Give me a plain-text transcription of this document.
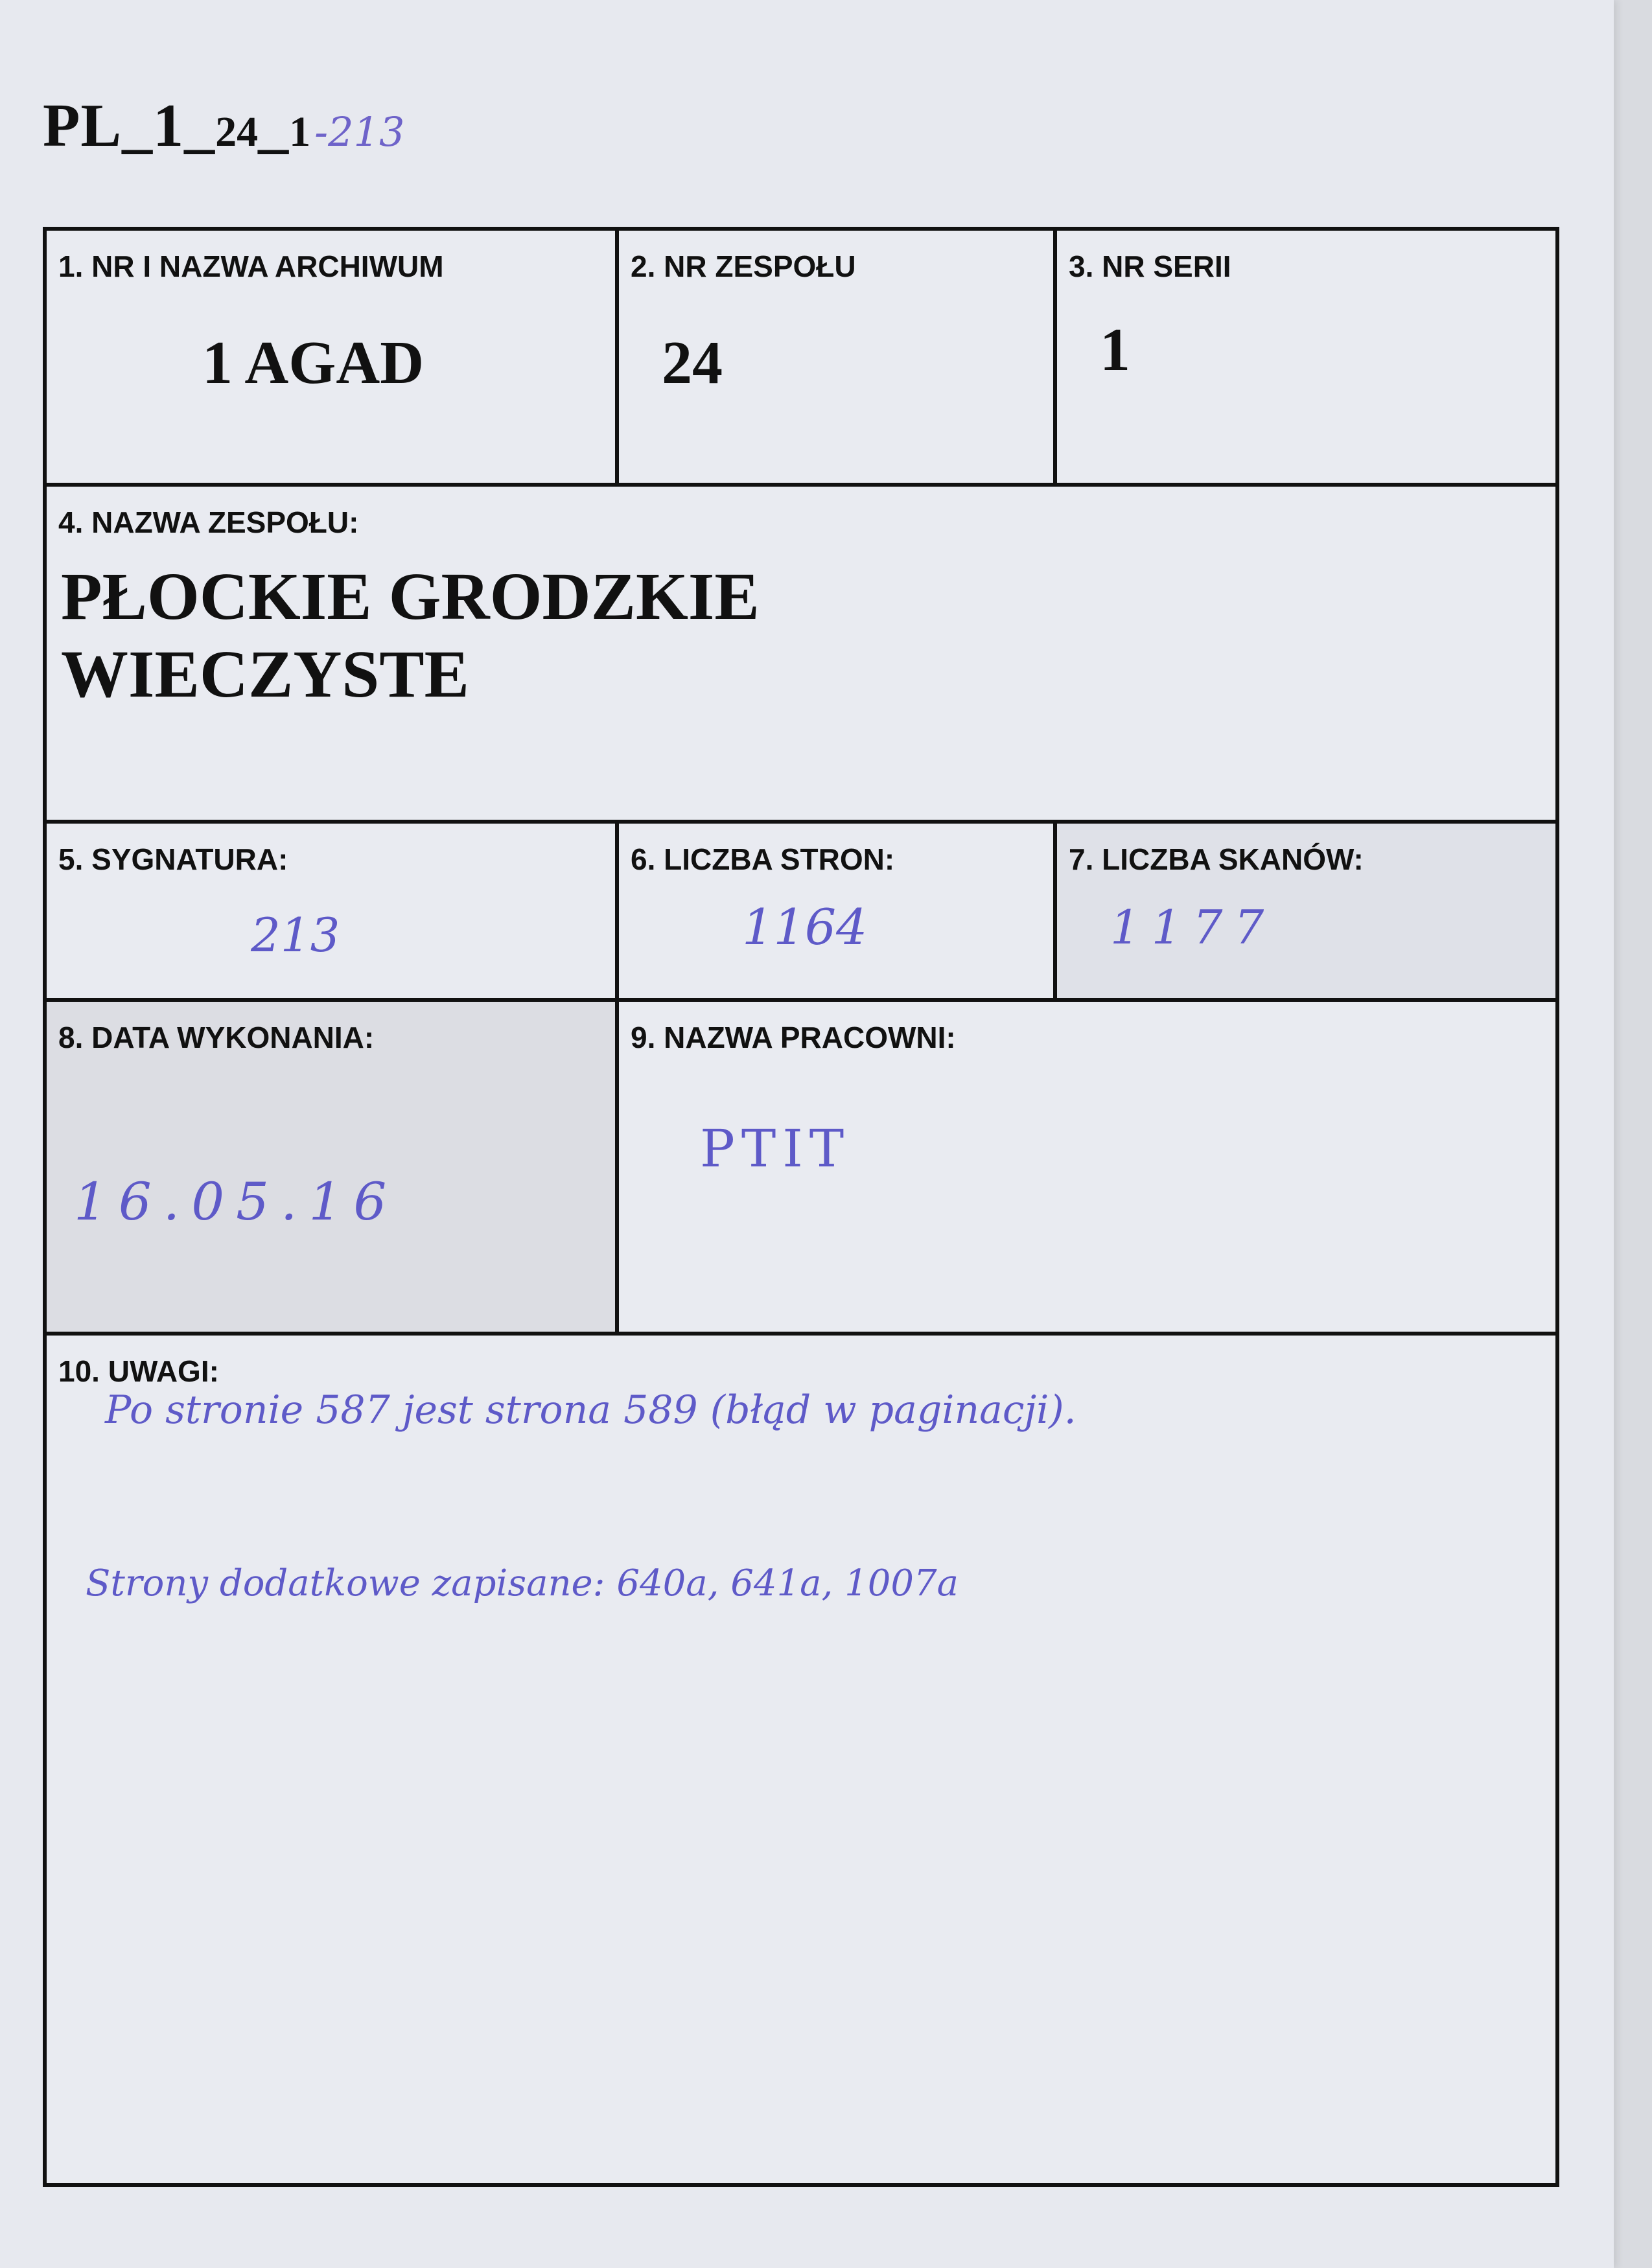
PL_1_24_1-213
1. NR I NAZWA ARCHIWUM
1 AGAD
2. NR ZESPOŁU
24
3. NR SERII
1
4. NAZWA ZESPOŁU:
PŁOCKIE GRODZKIE
WIECZYSTE
5. SYGNATURA:
213
6. LICZBA STRON:
1164
7. LICZBA SKANÓW:
1177
8. DATA WYKONANIA:
16.05.16
9. NAZWA PRACOWNI:
PTIT
10. UWAGI:
Po stronie 587 jest strona 589 (błąd w paginacji).
Strony dodatkowe zapisane: 640a, 641a, 1007a
